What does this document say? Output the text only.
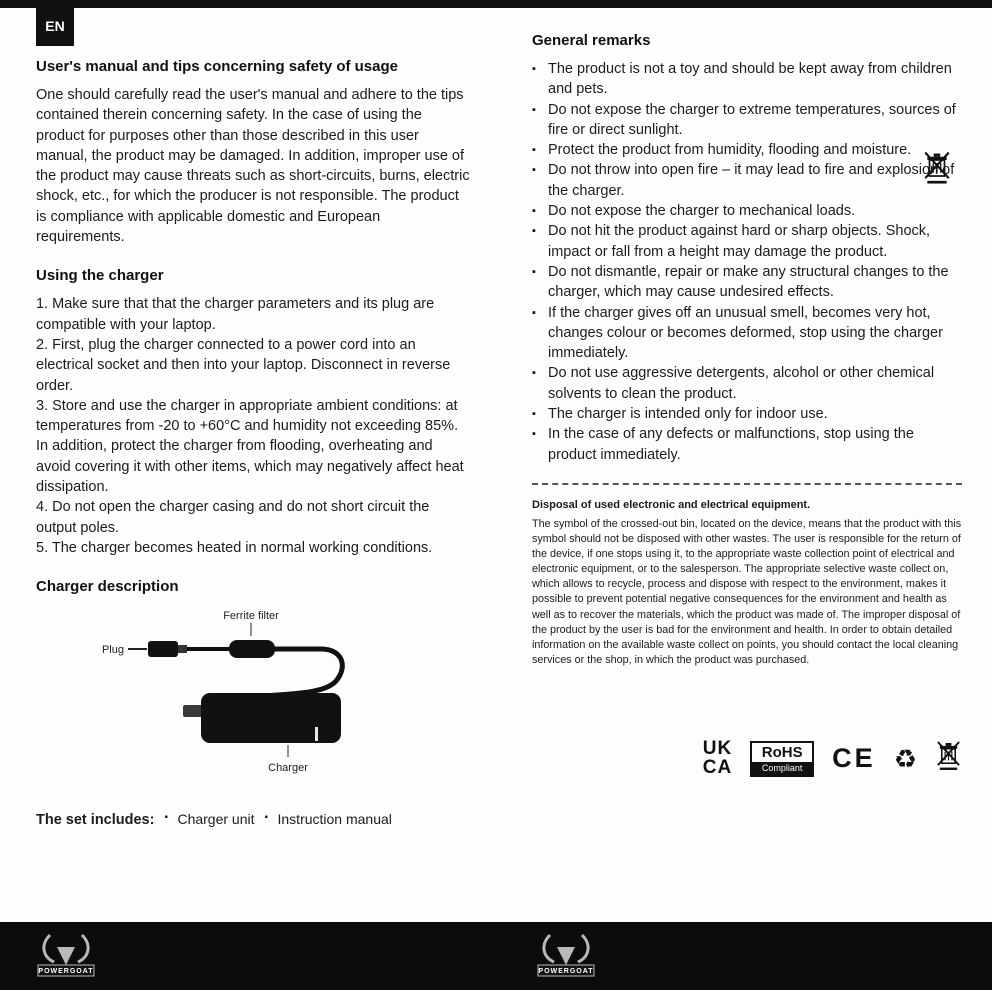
EN
User's manual and tips concerning safety of usage

One should carefully read the user's manual and adhere to the tips contained therein concerning safety. In the case of using the product for purposes other than those described in this user manual, the product may be damaged. In addition, improper use of the product may cause threats such as short-circuits, burns, electric shock, etc., for which the producer is not responsible. The product is compliance with applicable domestic and European requirements.

Using the charger

1. Make sure that that the charger parameters and its plug are compatible with your laptop.

2. First, plug the charger connected to a power cord into an electrical socket and then into your laptop. Disconnect in reverse order.

3. Store and use the charger in appropriate ambient conditions: at temperatures from -20 to +60°C and humidity not exceeding 85%. In addition, protect the charger from flooding, overheating and avoid covering it with other items, which may negatively affect heat dissipation.

4. Do not open the charger casing and do not short circuit the output poles.

5. The charger becomes heated in normal working conditions.

Charger description
Ferrite filter
Plug
Charger
The set includes:	▪ Charger unit	▪ Instruction manual
General remarks
▪ The product is not a toy and should be kept away from children and pets.
▪ Do not expose the charger to extreme temperatures, sources of fire or direct sunlight.
▪ Protect the product from humidity, flooding and moisture.
▪ Do not throw into open fire – it may lead to fire and explosion of the charger.
▪ Do not expose the charger to mechanical loads.
▪ Do not hit the product against hard or sharp objects. Shock, impact or fall from a height may damage the product.
▪ Do not dismantle, repair or make any structural changes to the charger, which may cause undesired effects.
▪ If the charger gives off an unusual smell, becomes very hot, changes colour or becomes deformed, stop using the charger immediately.
▪ Do not use aggressive detergents, alcohol or other chemical solvents to clean the product.
▪ The charger is intended only for indoor use.
▪ In the case of any defects or malfunctions, stop using the product immediately.

Disposal of used electronic and electrical equipment.

The symbol of the crossed-out bin, located on the device, means that the product with this symbol should not be disposed with other wastes. The user is responsible for the return of the device, if one stops using it, to the appropriate waste collection point of electrical and electronic equipment, or to the salesperson. The appropriate selective waste collect on, which allows to recycle, process and dispose with respect to the environment, makes it possible to prevent potential negative consequences for the environment and health as well as to recover the materials, which the product was made of. The improper disposal of the product by the user is bad for the environment and health. In order to obtain detailed information on the available waste collect on points, you should contact the local cleaning services or the shop, in which the product was purchased.

UK
CA
RoHS
Compliant	CE ♻
POWERGOAT	POWERGOAT
